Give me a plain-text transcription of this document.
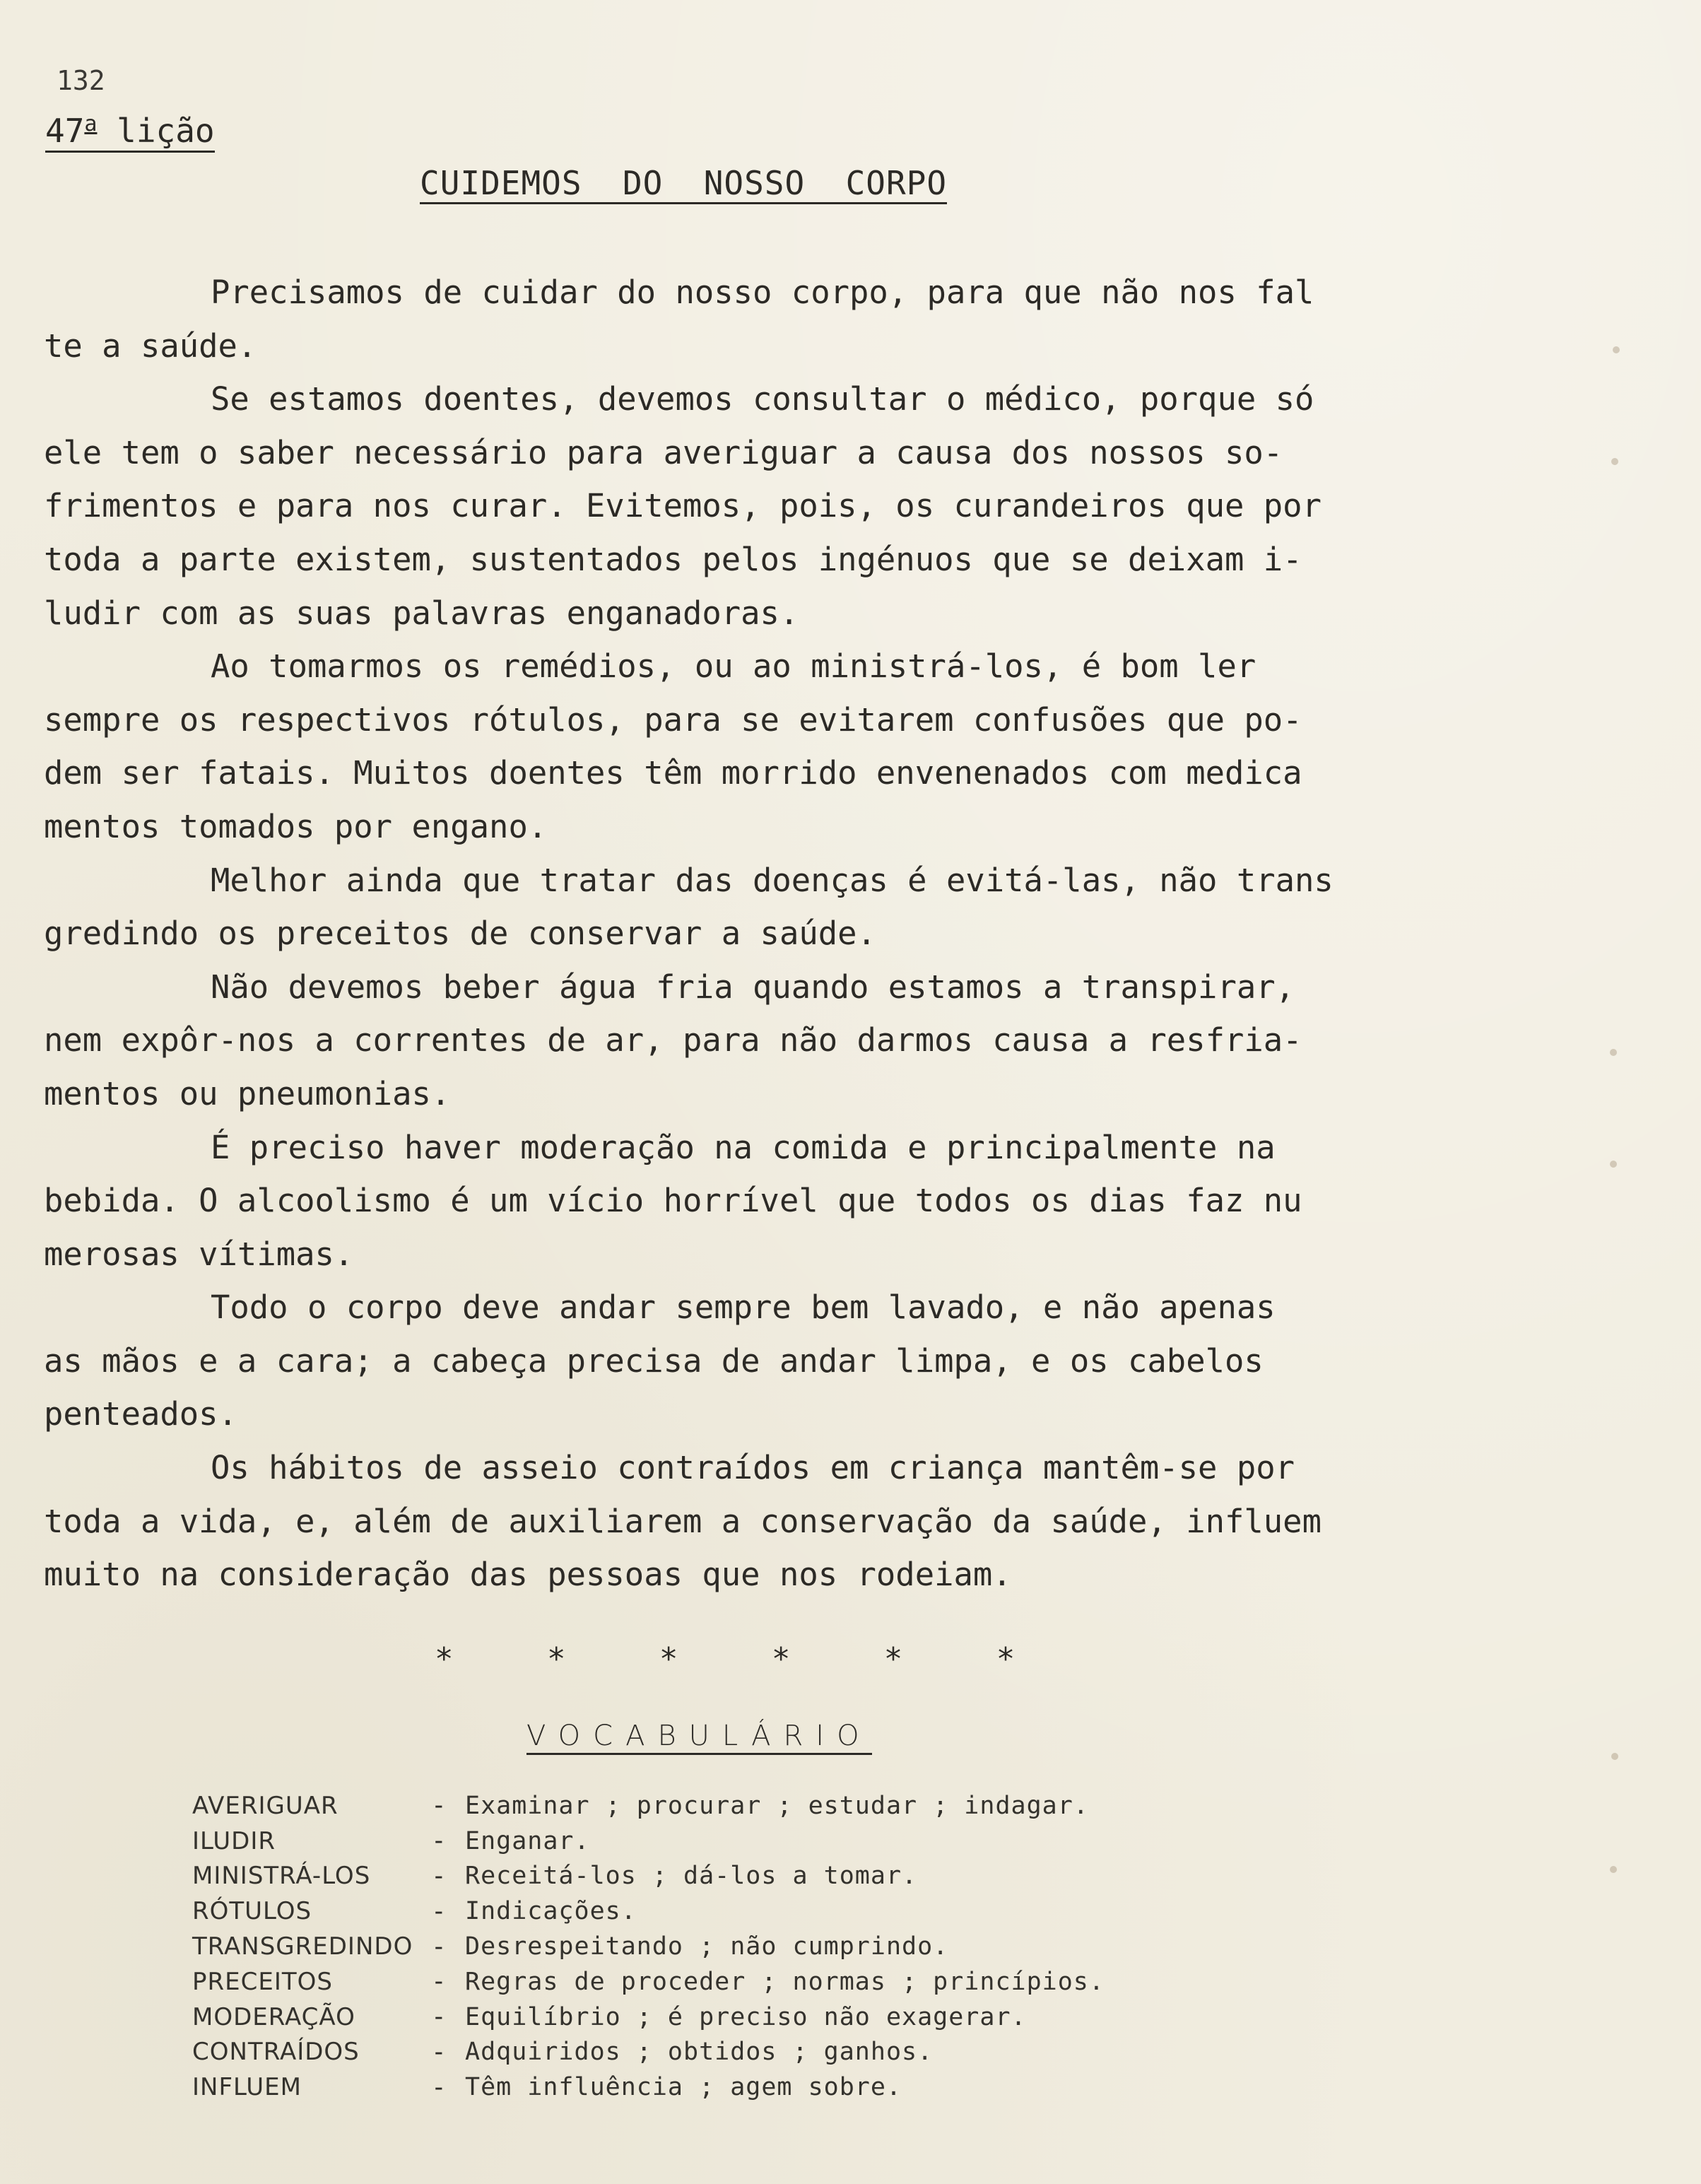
132
47$^a$ lição
CUIDEMOS  DO  NOSSO  CORPO
Precisamos de cuidar do nosso corpo, para que não nos fal
te a saúde.
Se estamos doentes, devemos consultar o médico, porque só
ele tem o saber necessário para averiguar a causa dos nossos so-
frimentos e para nos curar. Evitemos, pois, os curandeiros que por
toda a parte existem, sustentados pelos ingénuos que se deixam i-
ludir com as suas palavras enganadoras.
Ao tomarmos os remédios, ou ao ministrá-los, é bom ler
sempre os respectivos rótulos, para se evitarem confusões que po-
dem ser fatais. Muitos doentes têm morrido envenenados com medica
mentos tomados por engano.
Melhor ainda que tratar das doenças é evitá-las, não trans
gredindo os preceitos de conservar a saúde.
Não devemos beber água fria quando estamos a transpirar,
nem expôr-nos a correntes de ar, para não darmos causa a resfria-
mentos ou pneumonias.
É preciso haver moderação na comida e principalmente na
bebida. O alcoolismo é um vício horrível que todos os dias faz nu
merosas vítimas.
Todo o corpo deve andar sempre bem lavado, e não apenas
as mãos e a cara; a cabeça precisa de andar limpa, e os cabelos
penteados.
Os hábitos de asseio contraídos em criança mantêm-se por
toda a vida, e, além de auxiliarem a conservação da saúde, influem
muito na consideração das pessoas que nos rodeiam.
*     *     *     *     *     *
VOCABULÁRIO
AVERIGUAR	- Examinar ; procurar ; estudar ; indagar.
ILUDIR	- Enganar.
MINISTRÁ-LOS	- Receitá-los ; dá-los a tomar.
RÓTULOS	- Indicações.
TRANSGREDINDO - Desrespeitando ; não cumprindo.
PRECEITOS	- Regras de proceder ; normas ; princípios.
MODERAÇÃO	- Equilíbrio ; é preciso não exagerar.
CONTRAÍDOS	- Adquiridos ; obtidos ; ganhos.
INFLUEM	- Têm influência ; agem sobre.
